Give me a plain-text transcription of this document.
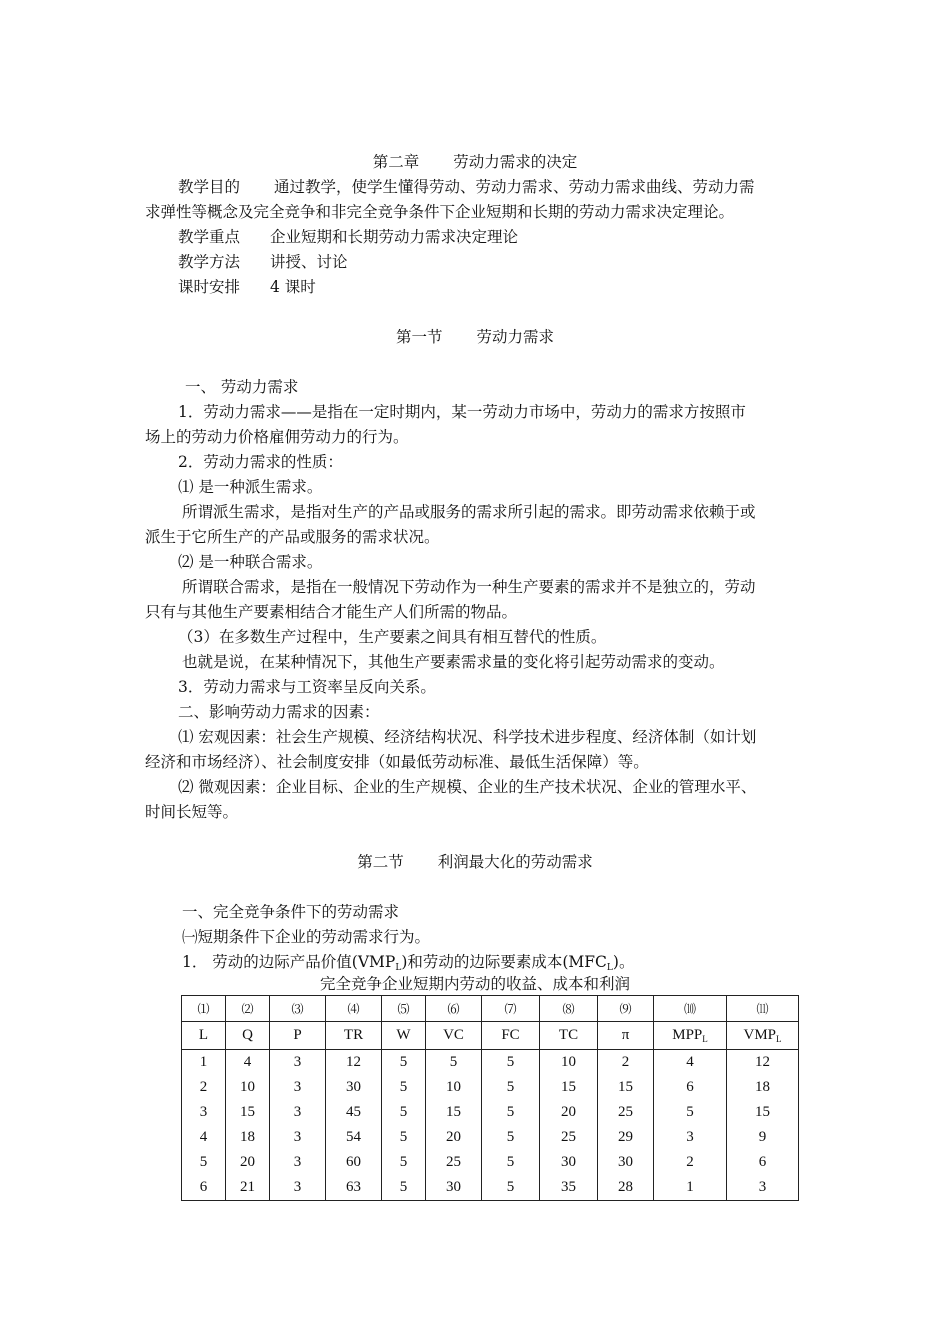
第二章 劳动力需求的决定
教学目的 通过教学，使学生懂得劳动、劳动力需求、劳动力需求曲线、劳动力需
求弹性等概念及完全竞争和非完全竞争条件下企业短期和长期的劳动力需求决定理论。
教学重点 企业短期和长期劳动力需求决定理论
教学方法 讲授、讨论
课时安排 4 课时
第一节 劳动力需求
一、 劳动力需求
1．劳动力需求——是指在一定时期内，某一劳动力市场中，劳动力的需求方按照市
场上的劳动力价格雇佣劳动力的行为。
2．劳动力需求的性质：
⑴ 是一种派生需求。
所谓派生需求，是指对生产的产品或服务的需求所引起的需求。即劳动需求依赖于或
派生于它所生产的产品或服务的需求状况。
⑵ 是一种联合需求。
所谓联合需求，是指在一般情况下劳动作为一种生产要素的需求并不是独立的，劳动
只有与其他生产要素相结合才能生产人们所需的物品。
（3）在多数生产过程中，生产要素之间具有相互替代的性质。
也就是说，在某种情况下，其他生产要素需求量的变化将引起劳动需求的变动。
3．劳动力需求与工资率呈反向关系。
二、影响劳动力需求的因素：
⑴ 宏观因素：社会生产规模、经济结构状况、科学技术进步程度、经济体制（如计划
经济和市场经济）、社会制度安排（如最低劳动标准、最低生活保障）等。
⑵ 微观因素：企业目标、企业的生产规模、企业的生产技术状况、企业的管理水平、
时间长短等。
第二节 利润最大化的劳动需求
一、完全竞争条件下的劳动需求
㈠短期条件下企业的劳动需求行为。
1． 劳动的边际产品价值$(VMP_L)$和劳动的边际要素成本$(MFC_L)$。
完全竞争企业短期内劳动的收益、成本和利润
⑴	⑵	⑶	⑷	⑸	⑹	⑺	⑻	⑼	⑽	⑾
L	Q	P	TR	W	VC	FC	TC	π	$MPP_L$	$VMP_L$
1	4	3	12	5	5	5	10	2	4	12
2	10	3	30	5	10	5	15	15	6	18
3	15	3	45	5	15	5	20	25	5	15
4	18	3	54	5	20	5	25	29	3	9
5	20	3	60	5	25	5	30	30	2	6
6	21	3	63	5	30	5	35	28	1	3
